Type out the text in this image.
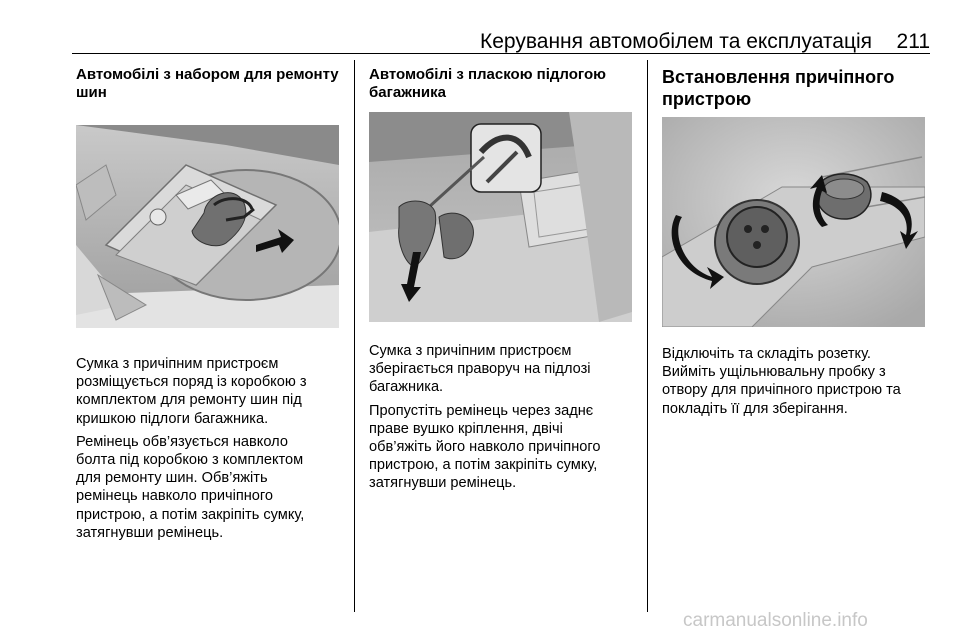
Керування автомобілем та експлуатація	211

Автомобілі з набором для ремонту
шин

Сумка з причіпним пристроєм
розміщується поряд із коробкою з
комплектом для ремонту шин під
кришкою підлоги багажника.

Ремінець обв’язується навколо
болта під коробкою з комплектом
для ремонту шин. Обв’яжіть
ремінець навколо причіпного
пристрою, а потім закріпіть сумку,
затягнувши ремінець.

Автомобілі з пласкою підлогою
багажника

Сумка з причіпним пристроєм
зберігається праворуч на підлозі
багажника.

Пропустіть ремінець через заднє
праве вушко кріплення, двічі
обв’яжіть його навколо причіпного
пристрою, а потім закріпіть сумку,
затягнувши ремінець.

Встановлення причіпного
пристрою

Відключіть та складіть розетку.
Вийміть ущільнювальну пробку з
отвору для причіпного пристрою та
покладіть її для зберігання.

carmanualsonline.info
